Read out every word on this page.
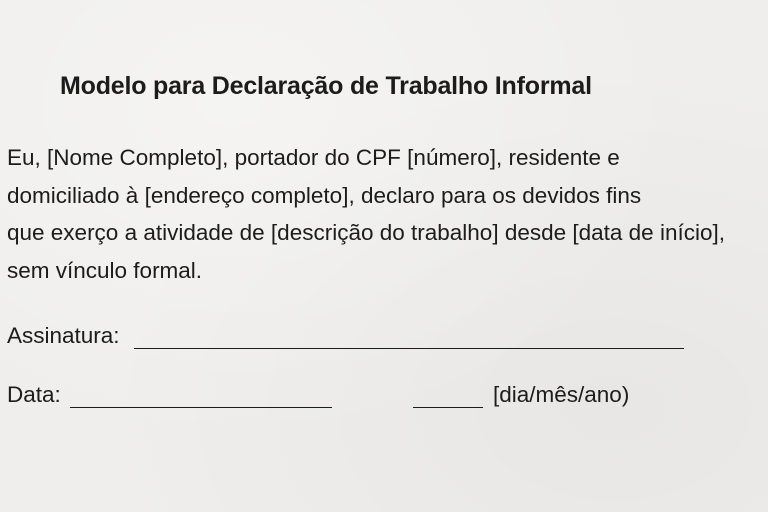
Modelo para Declaração de Trabalho Informal
Eu, [Nome Completo], portador do CPF [número], residente e
domiciliado à [endereço completo], declaro para os devidos fins
que exerço a atividade de [descrição do trabalho] desde [data de início],
sem vínculo formal.
Assinatura:
Data:	[dia/mês/ano)
